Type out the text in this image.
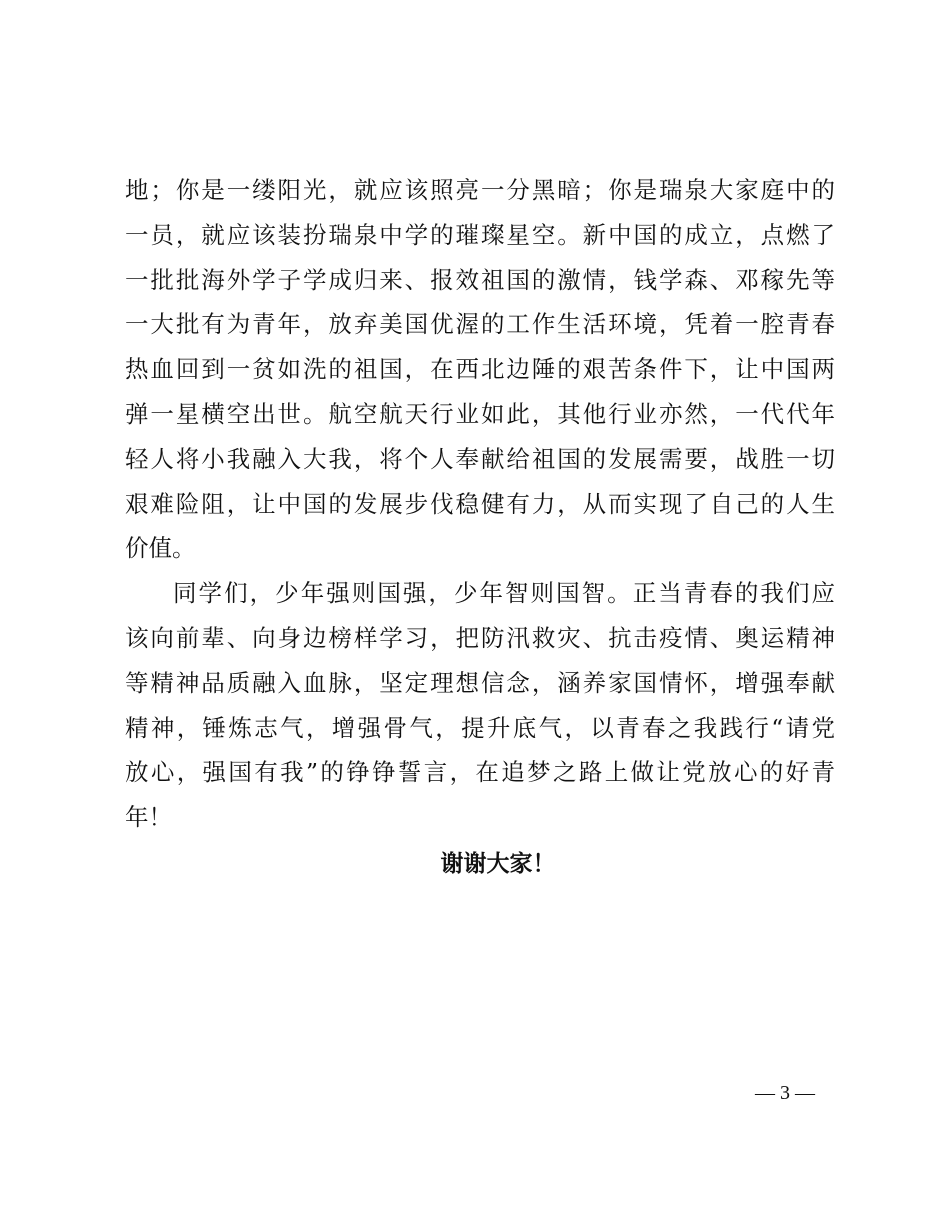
地；你是一缕阳光，就应该照亮一分黑暗；你是瑞泉大家庭中的
一员，就应该装扮瑞泉中学的璀璨星空。新中国的成立，点燃了
一批批海外学子学成归来、报效祖国的激情，钱学森、邓稼先等
一大批有为青年，放弃美国优渥的工作生活环境，凭着一腔青春
热血回到一贫如洗的祖国，在西北边陲的艰苦条件下，让中国两
弹一星横空出世。航空航天行业如此，其他行业亦然，一代代年
轻人将小我融入大我，将个人奉献给祖国的发展需要，战胜一切
艰难险阻，让中国的发展步伐稳健有力，从而实现了自己的人生
价值。
同学们，少年强则国强，少年智则国智。正当青春的我们应
该向前辈、向身边榜样学习，把防汛救灾、抗击疫情、奥运精神
等精神品质融入血脉，坚定理想信念，涵养家国情怀，增强奉献
精神，锤炼志气，增强骨气，提升底气，以青春之我践行“请党
放心，强国有我”的铮铮誓言，在追梦之路上做让党放心的好青
年！
谢谢大家！
— 3 —
